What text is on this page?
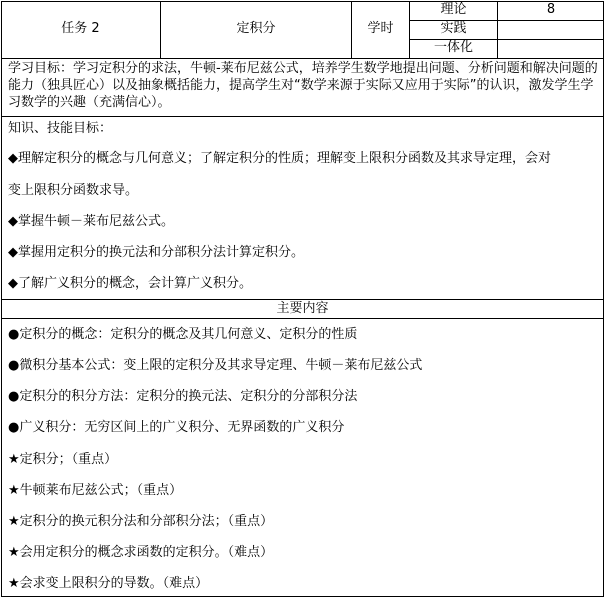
任务 2	定积分	学时
理论	8
实践
一体化
学习目标：学习定积分的求法，牛顿-莱布尼兹公式，培养学生数学地提出问题、分析问题和解决问题的能力（独具匠心）以及抽象概括能力，提高学生对“数学来源于实际又应用于实际”的认识，激发学生学习数学的兴趣（充满信心）。
知识、技能目标：
◆理解定积分的概念与几何意义；了解定积分的性质；理解变上限积分函数及其求导定理，会对
变上限积分函数求导。
◆掌握牛顿－莱布尼兹公式。
◆掌握用定积分的换元法和分部积分法计算定积分。
◆了解广义积分的概念，会计算广义积分。
主要内容
●定积分的概念：定积分的概念及其几何意义、定积分的性质
●微积分基本公式：变上限的定积分及其求导定理、牛顿－莱布尼兹公式
●定积分的积分方法：定积分的换元法、定积分的分部积分法
●广义积分：无穷区间上的广义积分、无界函数的广义积分
★定积分；（重点）
★牛顿莱布尼兹公式；（重点）
★定积分的换元积分法和分部积分法；（重点）
★会用定积分的概念求函数的定积分。（难点）
★会求变上限积分的导数。（难点）
